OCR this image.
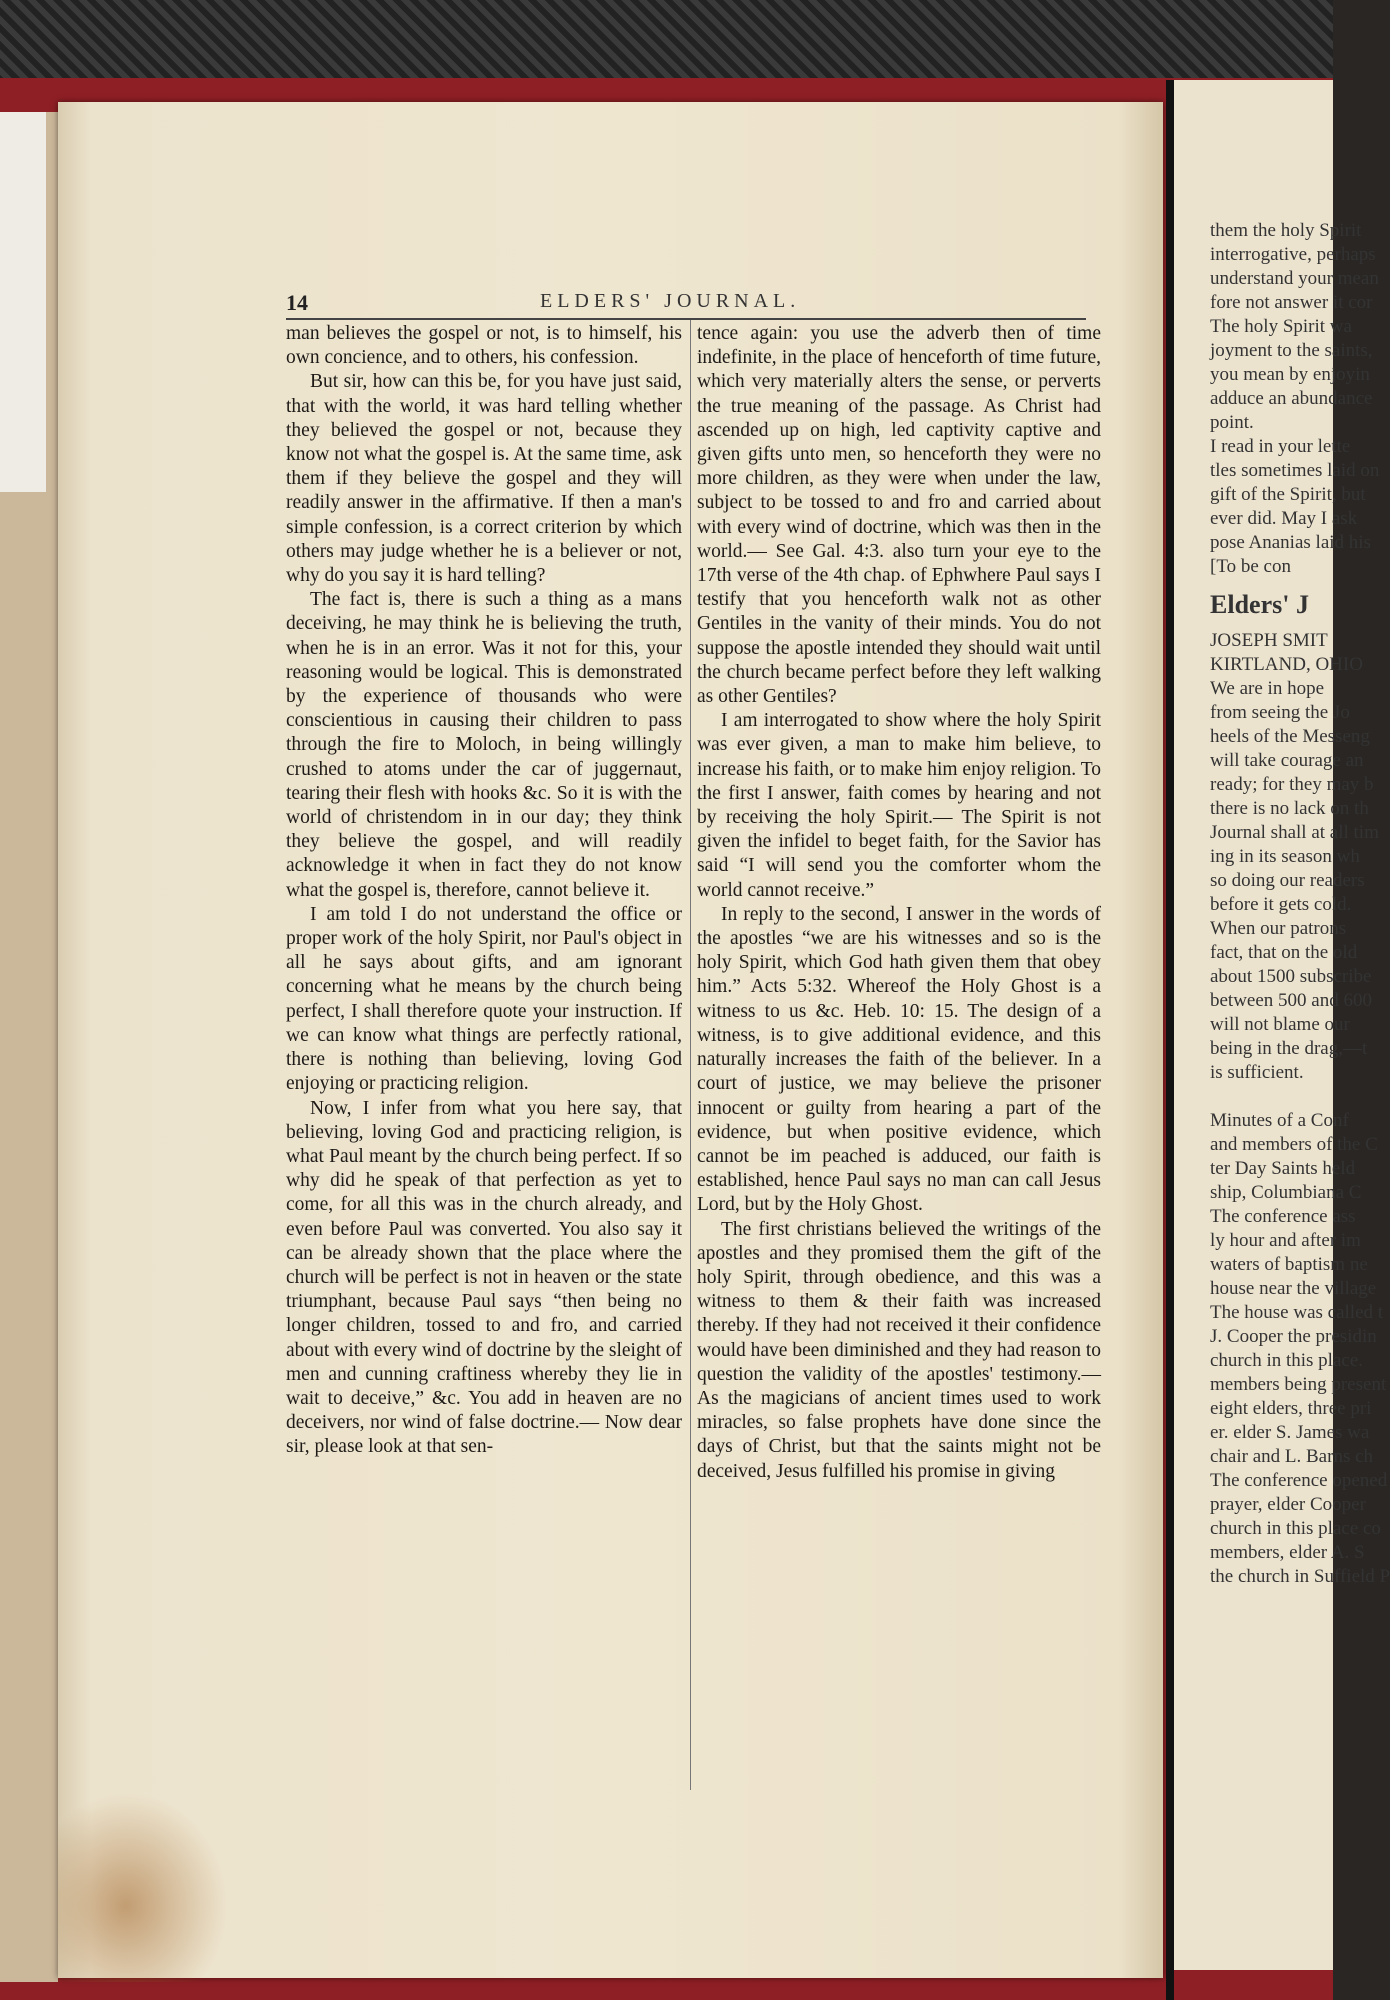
14	ELDERS' JOURNAL.

man believes the gospel or not, is to himself, his own concience, and to others, his confession.

But sir, how can this be, for you have just said, that with the world, it was hard telling whether they believed the gospel or not, because they know not what the gospel is. At the same time, ask them if they believe the gospel and they will readily answer in the affirmative. If then a man's simple confession, is a correct criterion by which others may judge whether he is a believer or not, why do you say it is hard telling?

The fact is, there is such a thing as a mans deceiving, he may think he is believing the truth, when he is in an error. Was it not for this, your reasoning would be logical. This is demonstrated by the experience of thousands who were conscientious in causing their children to pass through the fire to Moloch, in being willingly crushed to atoms under the car of juggernaut, tearing their flesh with hooks &c. So it is with the world of christendom in in our day; they think they believe the gospel, and will readily acknowledge it when in fact they do not know what the gospel is, therefore, cannot believe it.

I am told I do not understand the office or proper work of the holy Spirit, nor Paul's object in all he says about gifts, and am ignorant concerning what he means by the church being perfect, I shall therefore quote your instruction. If we can know what things are perfectly rational, there is nothing than believing, loving God enjoying or practicing religion.

Now, I infer from what you here say, that believing, loving God and practicing religion, is what Paul meant by the church being perfect. If so why did he speak of that perfection as yet to come, for all this was in the church already, and even before Paul was converted. You also say it can be already shown that the place where the church will be perfect is not in heaven or the state triumphant, because Paul says “then being no longer children, tossed to and fro, and carried about with every wind of doctrine by the sleight of men and cunning craftiness whereby they lie in wait to deceive,” &c. You add in heaven are no deceivers, nor wind of false doctrine.— Now dear sir, please look at that sen-

tence again: you use the adverb then of time indefinite, in the place of henceforth of time future, which very materially alters the sense, or perverts the true meaning of the passage. As Christ had ascended up on high, led captivity captive and given gifts unto men, so henceforth they were no more children, as they were when under the law, subject to be tossed to and fro and carried about with every wind of doctrine, which was then in the world.— See Gal. 4:3. also turn your eye to the 17th verse of the 4th chap. of Ephwhere Paul says I testify that you henceforth walk not as other Gentiles in the vanity of their minds. You do not suppose the apostle intended they should wait until the church became perfect before they left walking as other Gentiles?

I am interrogated to show where the holy Spirit was ever given, a man to make him believe, to increase his faith, or to make him enjoy religion. To the first I answer, faith comes by hearing and not by receiving the holy Spirit.— The Spirit is not given the infidel to beget faith, for the Savior has said “I will send you the comforter whom the world cannot receive.”

In reply to the second, I answer in the words of the apostles “we are his witnesses and so is the holy Spirit, which God hath given them that obey him.” Acts 5:32. Whereof the Holy Ghost is a witness to us &c. Heb. 10: 15. The design of a witness, is to give additional evidence, and this naturally increases the faith of the believer. In a court of justice, we may believe the prisoner innocent or guilty from hearing a part of the evidence, but when positive evidence, which cannot be im peached is adduced, our faith is established, hence Paul says no man can call Jesus Lord, but by the Holy Ghost.

The first christians believed the writings of the apostles and they promised them the gift of the holy Spirit, through obedience, and this was a witness to them & their faith was increased thereby. If they had not received it their confidence would have been diminished and they had reason to question the validity of the apostles' testimony.— As the magicians of ancient times used to work miracles, so false prophets have done since the days of Christ, but that the saints might not be deceived, Jesus fulfilled his promise in giving

them the holy Spirit
interrogative, perhaps
understand your mean
fore not answer it cor
The holy Spirit wa
joyment to the saints,
you mean by enjoyin
adduce an abundance
point.
I read in your lette
tles sometimes laid on
gift of the Spirit, but
ever did. May I ask
pose Ananias laid his
[To be con
Elders' J
JOSEPH SMIT
KIRTLAND, OHIO
We are in hope
from seeing the Jo
heels of the Messeng
will take courage an
ready; for they may b
there is no lack on th
Journal shall at all tim
ing in its season wh
so doing our readers
before it gets cold.
When our patrons
fact, that on the old
about 1500 subscribe
between 500 and 600
will not blame our
being in the drag,—t
is sufficient.
Minutes of a Conf
and members of the C
ter Day Saints held
ship, Columbiana C
The conference ass
ly hour and after im
waters of baptism ne
house near the village
The house was called t
J. Cooper the presidin
church in this place.
members being present
eight elders, three pri
er. elder S. James wa
chair and L. Barns ch
The conference opened
prayer, elder Cooper
church in this place co
members, elder A. S
the church in Suffield P
